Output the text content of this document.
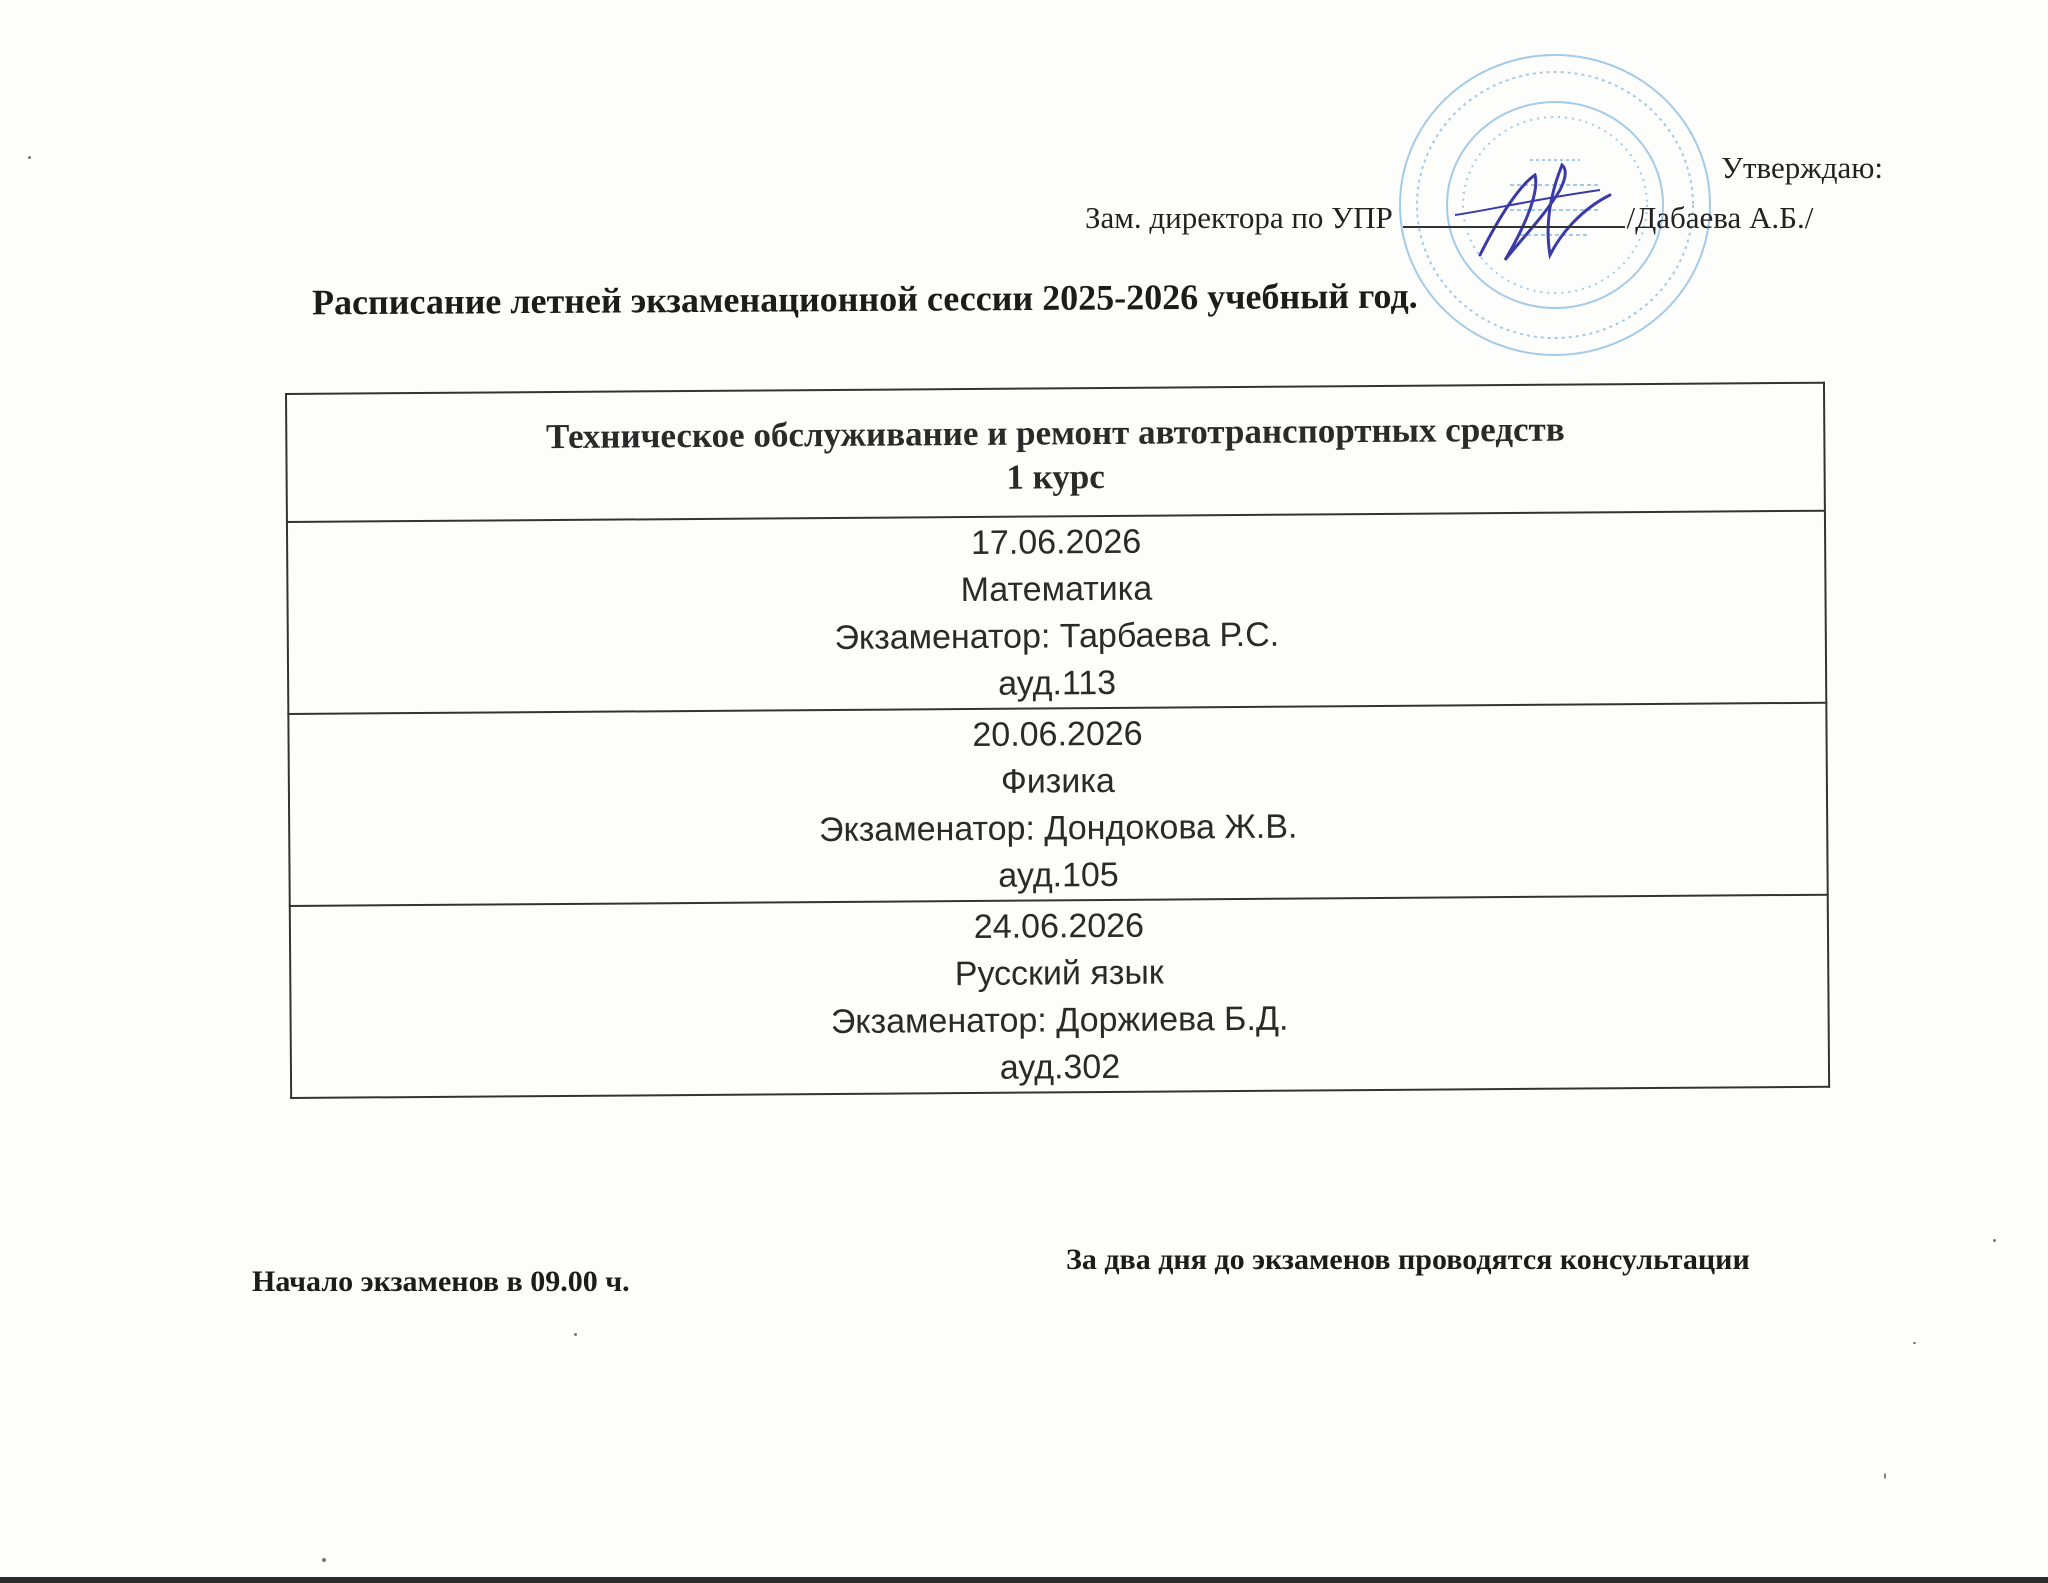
Утверждаю:
Зам. директора по УПР	/Дабаева А.Б./
Расписание летней экзаменационной сессии 2025-2026 учебный год.
Техническое обслуживание и ремонт автотранспортных средств
1 курс

17.06.2026
Математика
Экзаменатор: Тарбаева Р.С.
ауд.113

20.06.2026
Физика
Экзаменатор: Дондокова Ж.В.
ауд.105

24.06.2026
Русский язык
Экзаменатор: Доржиева Б.Д.
ауд.302
Начало экзаменов в 09.00 ч.
За два дня до экзаменов проводятся консультации
